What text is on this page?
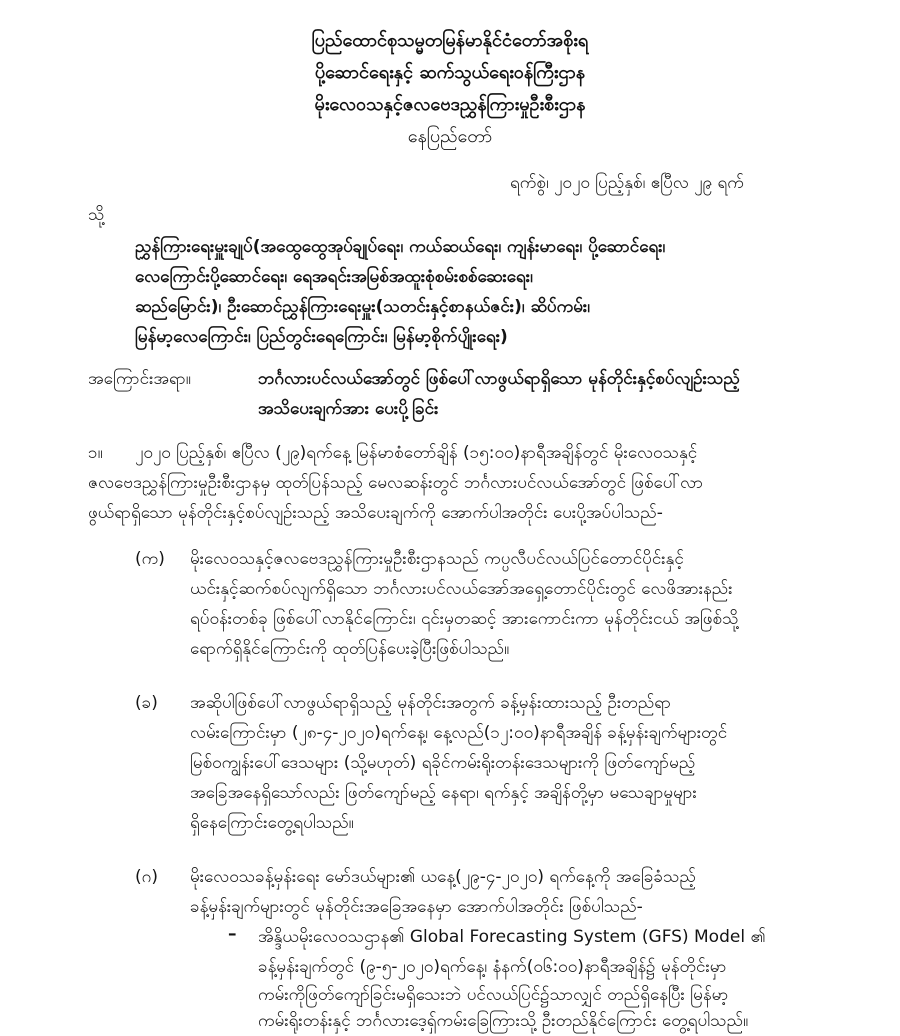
ပြည်ထောင်စုသမ္မတမြန်မာနိုင်ငံတော်အစိုးရ
ပို့ဆောင်ရေးနှင့် ဆက်သွယ်ရေးဝန်ကြီးဌာန
မိုးလေဝသနှင့်ဇလဗေဒညွှန်ကြားမှုဦးစီးဌာန
နေပြည်တော်
ရက်စွဲ၊ ၂၀၂၀ ပြည့်နှစ်၊ ဧပြီလ ၂၉ ရက်
သို့
ညွှန်ကြားရေးမှူးချုပ်(အထွေထွေအုပ်ချုပ်ရေး၊ ကယ်ဆယ်ရေး၊ ကျန်းမာရေး၊ ပို့ဆောင်ရေး၊
လေကြောင်းပို့ဆောင်ရေး၊ ရေအရင်းအမြစ်အထူးစုံစမ်းစစ်ဆေးရေး၊
ဆည်မြောင်း)၊ ဦးဆောင်ညွှန်ကြားရေးမှူး(သတင်းနှင့်စာနယ်ဇင်း)၊ ဆိပ်ကမ်း၊
မြန်မာ့လေကြောင်း၊ ပြည်တွင်းရေကြောင်း၊ မြန်မာ့စိုက်ပျိုးရေး)
အကြောင်းအရာ။	ဘင်္ဂလားပင်လယ်အော်တွင် ဖြစ်ပေါ်လာဖွယ်ရာရှိသော မုန်တိုင်းနှင့်စပ်လျဉ်းသည့်
အသိပေးချက်အား ပေးပို့ခြင်း
၁။ ၂၀၂၀ ပြည့်နှစ်၊ ဧပြီလ (၂၉)ရက်နေ့ မြန်မာစံတော်ချိန် (၁၅:၀၀)နာရီအချိန်တွင် မိုးလေဝသနှင့်
ဇလဗေဒညွှန်ကြားမှုဦးစီးဌာနမှ ထုတ်ပြန်သည့် မေလဆန်းတွင် ဘင်္ဂလားပင်လယ်အော်တွင် ဖြစ်ပေါ်လာ
ဖွယ်ရာရှိသော မုန်တိုင်းနှင့်စပ်လျဉ်းသည့် အသိပေးချက်ကို အောက်ပါအတိုင်း ပေးပို့အပ်ပါသည်-
(က) မိုးလေဝသနှင့်ဇလဗေဒညွှန်ကြားမှုဦးစီးဌာနသည် ကပ္ပလီပင်လယ်ပြင်တောင်ပိုင်းနှင့်
ယင်းနှင့်ဆက်စပ်လျက်ရှိသော ဘင်္ဂလားပင်လယ်အော်အရှေ့တောင်ပိုင်းတွင် လေဖိအားနည်း
ရပ်ဝန်းတစ်ခု ဖြစ်ပေါ်လာနိုင်ကြောင်း၊ ၎င်းမှတဆင့် အားကောင်းကာ မုန်တိုင်းငယ် အဖြစ်သို့
ရောက်ရှိနိုင်ကြောင်းကို ထုတ်ပြန်ပေးခဲ့ပြီးဖြစ်ပါသည်။
(ခ) အဆိုပါဖြစ်ပေါ်လာဖွယ်ရာရှိသည့် မုန်တိုင်းအတွက် ခန့်မှန်းထားသည့် ဦးတည်ရာ
လမ်းကြောင်းမှာ (၂၈-၄-၂၀၂၀)ရက်နေ့၊ နေ့လည်(၁၂:၀၀)နာရီအချိန် ခန့်မှန်းချက်များတွင်
မြစ်ဝကျွန်းပေါ်ဒေသများ (သို့မဟုတ်) ရခိုင်ကမ်းရိုးတန်းဒေသများကို ဖြတ်ကျော်မည့်
အခြေအနေရှိသော်လည်း ဖြတ်ကျော်မည့် နေရာ၊ ရက်နှင့် အချိန်တို့မှာ မသေချာမှုများ
ရှိနေကြောင်းတွေ့ရပါသည်။
(ဂ) မိုးလေဝသခန့်မှန်းရေး မော်ဒယ်များ၏ ယနေ့(၂၉-၄-၂၀၂၀) ရက်နေ့ကို အခြေခံသည့်
ခန့်မှန်းချက်များတွင် မုန်တိုင်းအခြေအနေမှာ အောက်ပါအတိုင်း ဖြစ်ပါသည်-
– အိန္ဒိယမိုးလေဝသဌာန၏ Global Forecasting System (GFS) Model ၏
ခန့်မှန်းချက်တွင် (၉-၅-၂၀၂၀)ရက်နေ့၊ နံနက်(၀၆:၀၀)နာရီအချိန်၌ မုန်တိုင်းမှာ
ကမ်းကိုဖြတ်ကျော်ခြင်းမရှိသေးဘဲ ပင်လယ်ပြင်၌သာလျှင် တည်ရှိနေပြီး မြန်မာ့
ကမ်းရိုးတန်းနှင့် ဘင်္ဂလားဒေ့ရှ်ကမ်းခြေကြားသို့ ဦးတည်နိုင်ကြောင်း တွေ့ရပါသည်။
